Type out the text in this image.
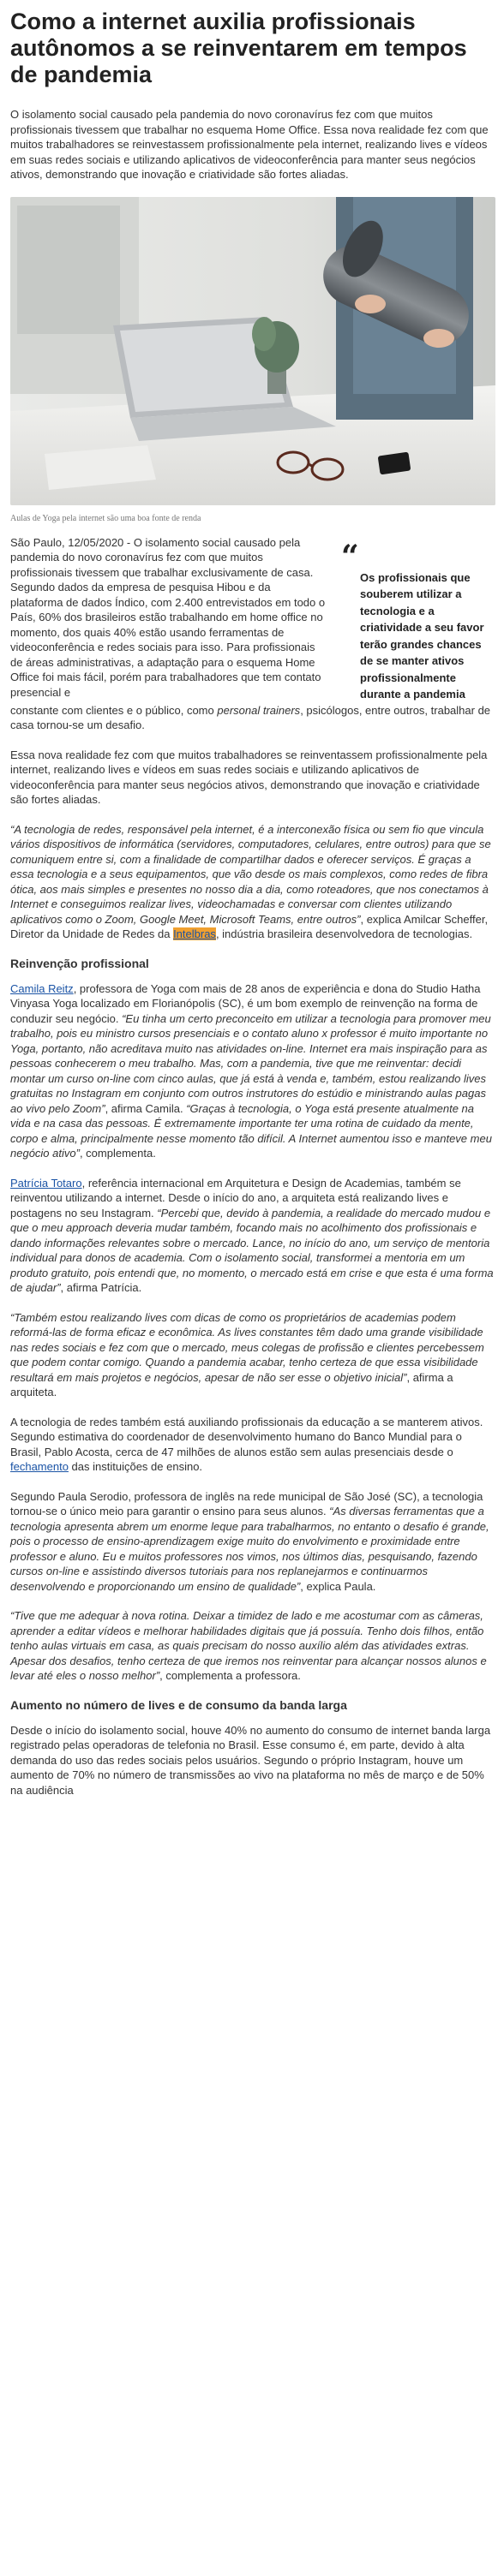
Como a internet auxilia profissionais autônomos a se reinventarem em tempos de pandemia

O isolamento social causado pela pandemia do novo coronavírus fez com que muitos profissionais tivessem que trabalhar no esquema Home Office. Essa nova realidade fez com que muitos trabalhadores se reinvestassem profissionalmente pela internet, realizando lives e vídeos em suas redes sociais e utilizando aplicativos de videoconferência para manter seus negócios ativos, demonstrando que inovação e criatividade são fortes aliadas.

Aulas de Yoga pela internet são uma boa fonte de renda

São Paulo, 12/05/2020 - O isolamento social causado pela pandemia do novo coronavírus fez com que muitos profissionais tivessem que trabalhar exclusivamente de casa. Segundo dados da empresa de pesquisa Hibou e da plataforma de dados Índico, com 2.400 entrevistados em todo o País, 60% dos brasileiros estão trabalhando em home office no momento, dos quais 40% estão usando ferramentas de videoconferência e redes sociais para isso. Para profissionais de áreas administrativas, a adaptação para o esquema Home Office foi mais fácil, porém para trabalhadores que tem contato presencial e

“
Os profissionais que souberem utilizar a tecnologia e a criatividade a seu favor terão grandes chances de se manter ativos profissionalmente durante a pandemia

constante com clientes e o público, como personal trainers, psicólogos, entre outros, trabalhar de casa tornou-se um desafio.

Essa nova realidade fez com que muitos trabalhadores se reinventassem profissionalmente pela internet, realizando lives e vídeos em suas redes sociais e utilizando aplicativos de videoconferência para manter seus negócios ativos, demonstrando que inovação e criatividade são fortes aliadas.

“A tecnologia de redes, responsável pela internet, é a interconexão física ou sem fio que vincula vários dispositivos de informática (servidores, computadores, celulares, entre outros) para que se comuniquem entre si, com a finalidade de compartilhar dados e oferecer serviços. É graças a essa tecnologia e a seus equipamentos, que vão desde os mais complexos, como redes de fibra ótica, aos mais simples e presentes no nosso dia a dia, como roteadores, que nos conectamos à Internet e conseguimos realizar lives, videochamadas e conversar com clientes utilizando aplicativos como o Zoom, Google Meet, Microsoft Teams, entre outros”, explica Amilcar Scheffer, Diretor da Unidade de Redes da Intelbras, indústria brasileira desenvolvedora de tecnologias.

Reinvenção profissional

Camila Reitz, professora de Yoga com mais de 28 anos de experiência e dona do Studio Hatha Vinyasa Yoga localizado em Florianópolis (SC), é um bom exemplo de reinvenção na forma de conduzir seu negócio. “Eu tinha um certo preconceito em utilizar a tecnologia para promover meu trabalho, pois eu ministro cursos presenciais e o contato aluno x professor é muito importante no Yoga, portanto, não acreditava muito nas atividades on-line. Internet era mais inspiração para as pessoas conhecerem o meu trabalho. Mas, com a pandemia, tive que me reinventar: decidi montar um curso on-line com cinco aulas, que já está à venda e, também, estou realizando lives gratuitas no Instagram em conjunto com outros instrutores do estúdio e ministrando aulas pagas ao vivo pelo Zoom”, afirma Camila. “Graças à tecnologia, o Yoga está presente atualmente na vida e na casa das pessoas. É extremamente importante ter uma rotina de cuidado da mente, corpo e alma, principalmente nesse momento tão difícil. A Internet aumentou isso e manteve meu negócio ativo”, complementa.

Patrícia Totaro, referência internacional em Arquitetura e Design de Academias, também se reinventou utilizando a internet. Desde o início do ano, a arquiteta está realizando lives e postagens no seu Instagram. “Percebi que, devido à pandemia, a realidade do mercado mudou e que o meu approach deveria mudar também, focando mais no acolhimento dos profissionais e dando informações relevantes sobre o mercado. Lance, no início do ano, um serviço de mentoria individual para donos de academia. Com o isolamento social, transformei a mentoria em um produto gratuito, pois entendi que, no momento, o mercado está em crise e que esta é uma forma de ajudar”, afirma Patrícia.

“Também estou realizando lives com dicas de como os proprietários de academias podem reformá-las de forma eficaz e econômica. As lives constantes têm dado uma grande visibilidade nas redes sociais e fez com que o mercado, meus colegas de profissão e clientes percebessem que podem contar comigo. Quando a pandemia acabar, tenho certeza de que essa visibilidade resultará em mais projetos e negócios, apesar de não ser esse o objetivo inicial”, afirma a arquiteta.

A tecnologia de redes também está auxiliando profissionais da educação a se manterem ativos. Segundo estimativa do coordenador de desenvolvimento humano do Banco Mundial para o Brasil, Pablo Acosta, cerca de 47 milhões de alunos estão sem aulas presenciais desde o fechamento das instituições de ensino.

Segundo Paula Serodio, professora de inglês na rede municipal de São José (SC), a tecnologia tornou-se o único meio para garantir o ensino para seus alunos. “As diversas ferramentas que a tecnologia apresenta abrem um enorme leque para trabalharmos, no entanto o desafio é grande, pois o processo de ensino-aprendizagem exige muito do envolvimento e proximidade entre professor e aluno. Eu e muitos professores nos vimos, nos últimos dias, pesquisando, fazendo cursos on-line e assistindo diversos tutoriais para nos replanejarmos e continuarmos desenvolvendo e proporcionando um ensino de qualidade”, explica Paula.

“Tive que me adequar à nova rotina. Deixar a timidez de lado e me acostumar com as câmeras, aprender a editar vídeos e melhorar habilidades digitais que já possuía. Tenho dois filhos, então tenho aulas virtuais em casa, as quais precisam do nosso auxílio além das atividades extras. Apesar dos desafios, tenho certeza de que iremos nos reinventar para alcançar nossos alunos e levar até eles o nosso melhor”, complementa a professora.

Aumento no número de lives e de consumo da banda larga

Desde o início do isolamento social, houve 40% no aumento do consumo de internet banda larga registrado pelas operadoras de telefonia no Brasil. Esse consumo é, em parte, devido à alta demanda do uso das redes sociais pelos usuários. Segundo o próprio Instagram, houve um aumento de 70% no número de transmissões ao vivo na plataforma no mês de março e de 50% na audiência
